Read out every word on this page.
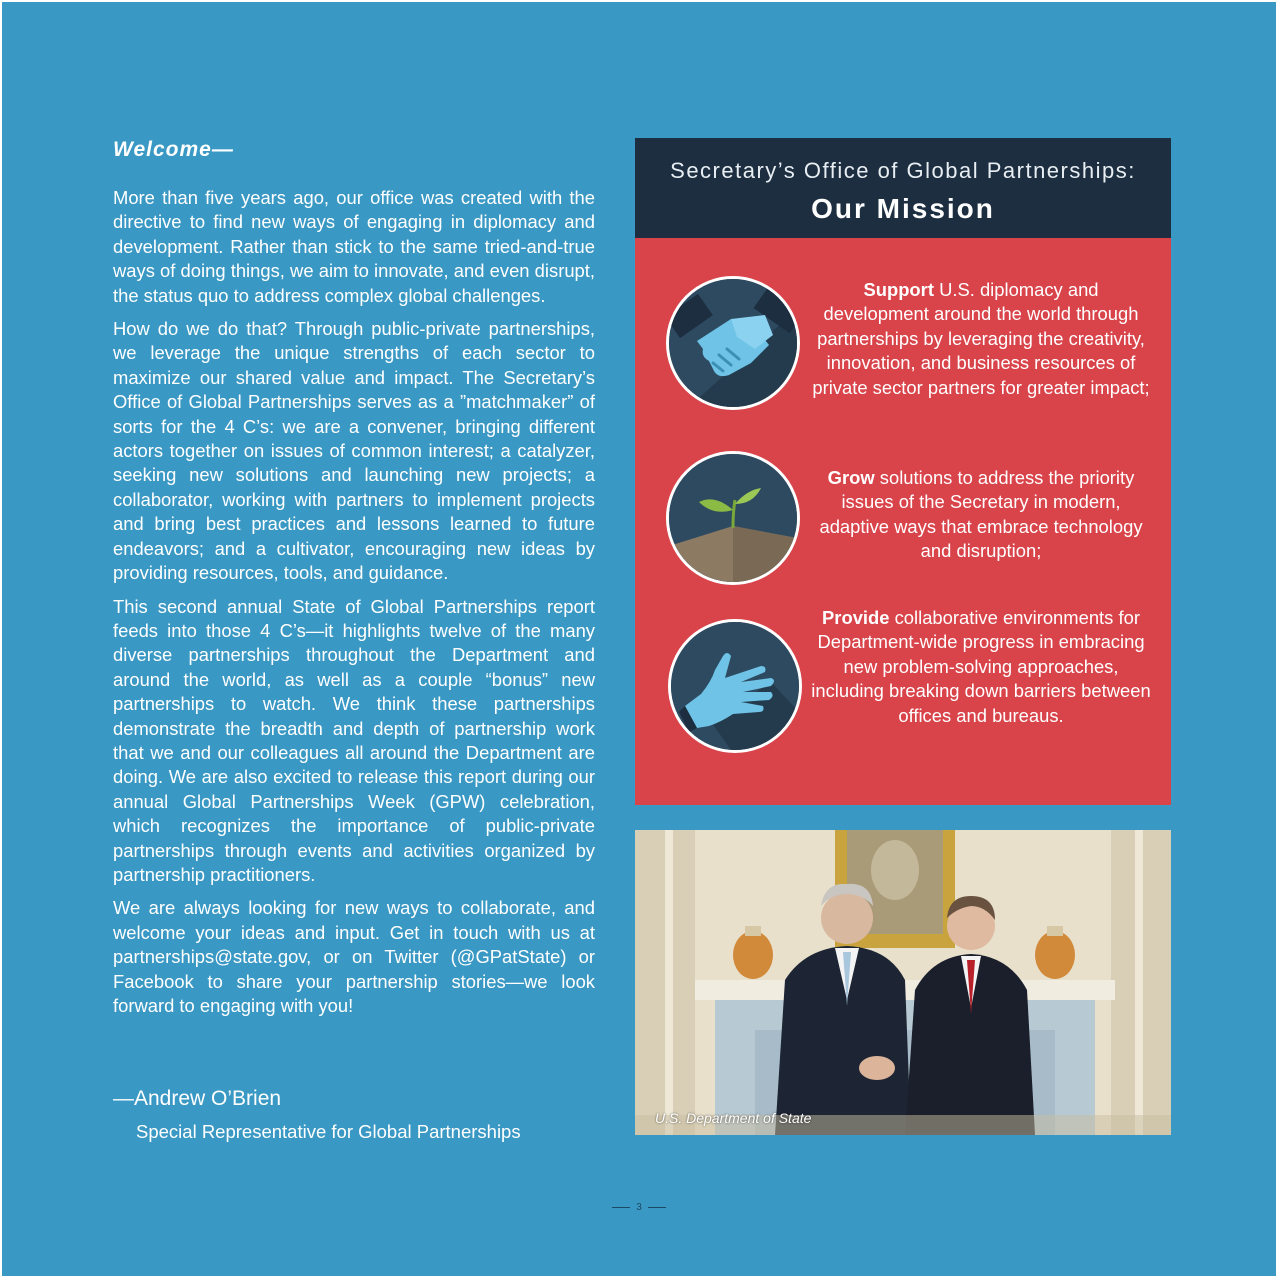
Welcome—

More than five years ago, our office was created with the directive to find new ways of engaging in diplomacy and development. Rather than stick to the same tried-and-true ways of doing things, we aim to innovate, and even disrupt, the status quo to address complex global challenges.

How do we do that? Through public-private partnerships, we leverage the unique strengths of each sector to maximize our shared value and impact. The Secretary’s Office of Global Partnerships serves as a ”matchmaker” of sorts for the 4 C’s: we are a convener, bringing different actors together on issues of common interest; a catalyzer, seeking new solutions and launching new projects; a collaborator, working with partners to implement projects and bring best practices and lessons learned to future endeavors; and a cultivator, encouraging new ideas by providing resources, tools, and guidance.

This second annual State of Global Partnerships report feeds into those 4 C’s—it highlights twelve of the many diverse partnerships throughout the Department and around the world, as well as a couple “bonus” new partnerships to watch. We think these partnerships demonstrate the breadth and depth of partnership work that we and our colleagues all around the Department are doing. We are also excited to release this report during our annual Global Partnerships Week (GPW) celebration, which recognizes the importance of public-private partnerships through events and activities organized by partnership practitioners.

We are always looking for new ways to collaborate, and welcome your ideas and input. Get in touch with us at partnerships@state.gov, or on Twitter (@GPatState) or Facebook to share your partnership stories—we look forward to engaging with you!

—Andrew O’Brien
Special Representative for Global Partnerships
Secretary’s Office of Global Partnerships:
Our Mission
Support U.S. diplomacy and development around the world through partnerships by leveraging the creativity, innovation, and business resources of private sector partners for greater impact;
Grow solutions to address the priority issues of the Secretary in modern, adaptive ways that embrace technology and disruption;
Provide collaborative environments for Department-wide progress in embracing new problem-solving approaches, including breaking down barriers between offices and bureaus.
U.S. Department of State
3
